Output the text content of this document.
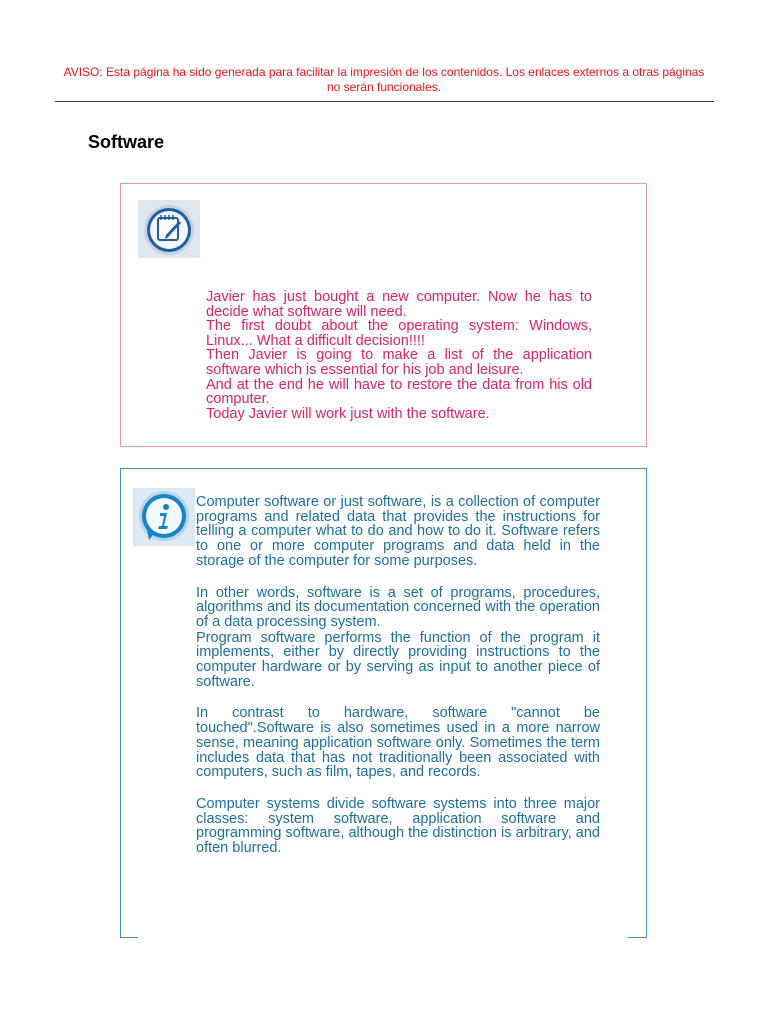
AVISO: Esta página ha sido generada para facilitar la impresión de los contenidos. Los enlaces externos a otras páginas no serán funcionales.
Software

Javier has just bought a new computer. Now he has to decide what software will need.

The first doubt about the operating system: Windows, Linux... What a difficult decision!!!!

Then Javier is going to make a list of the application software which is essential for his job and leisure.

And at the end he will have to restore the data from his old computer.

Today Javier will work just with the software.

Computer software or just software, is a collection of computer programs and related data that provides the instructions for telling a computer what to do and how to do it. Software refers to one or more computer programs and data held in the storage of the computer for some purposes.

In other words, software is a set of programs, procedures, algorithms and its documentation concerned with the operation of a data processing system.

Program software performs the function of the program it implements, either by directly providing instructions to the computer hardware or by serving as input to another piece of software.

In contrast to hardware, software "cannot be touched".Software is also sometimes used in a more narrow sense, meaning application software only. Sometimes the term includes data that has not traditionally been associated with computers, such as film, tapes, and records.

Computer systems divide software systems into three major classes: system software, application software and programming software, although the distinction is arbitrary, and often blurred.
